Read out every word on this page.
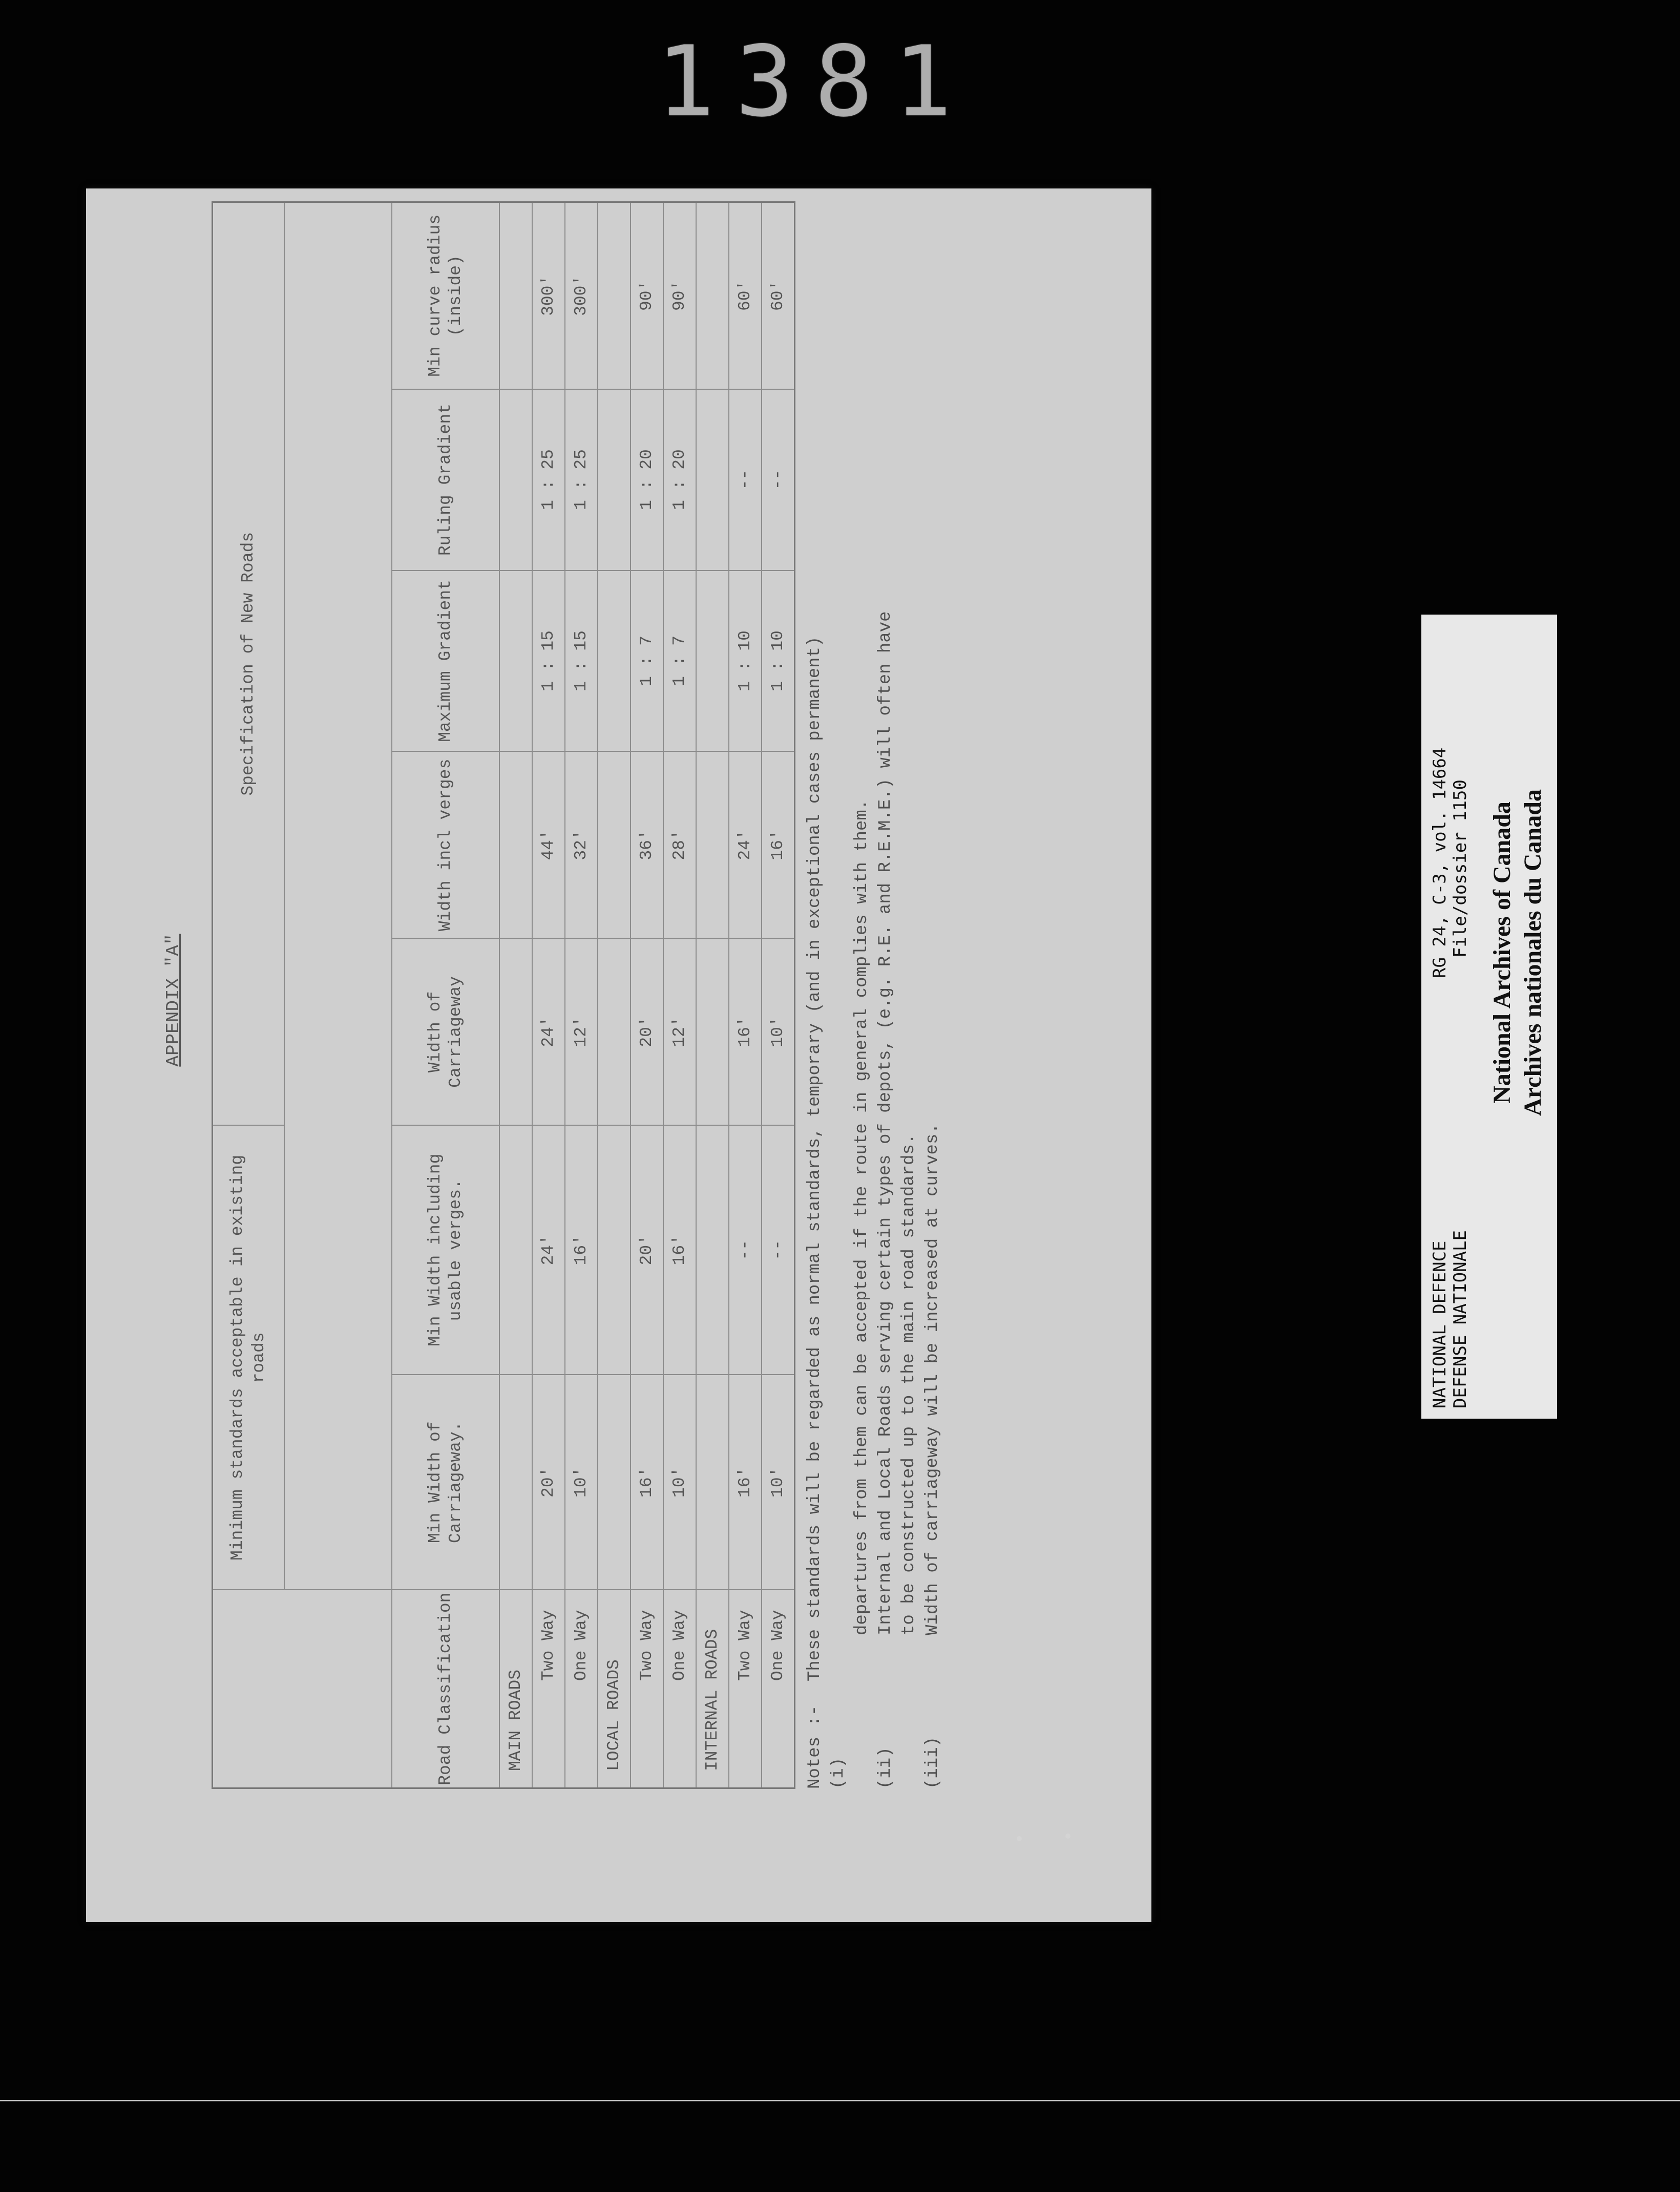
1381
APPENDIX "A"
	Minimum standards acceptable in existing roads		Specification of New Roads				

Road Classification	Min Width of Carriageway.	Min Width including usable verges.	Width of Carriageway	Width incl verges	Maximum Gradient	Ruling Gradient	Min curve radius (inside)
MAIN ROADS							
Two Way	20'	24'	24'	44'	1 : 15	1 : 25	300'
One Way	10'	16'	12'	32'	1 : 15	1 : 25	300'
LOCAL ROADS							
Two Way	16'	20'	20'	36'	1 : 7	1 : 20	90'
One Way	10'	16'	12'	28'	1 : 7	1 : 20	90'
INTERNAL ROADS							
Two Way	16'	--	16'	24'	1 : 10	--	60'
One Way	10'	--	10'	16'	1 : 10	--	60'
Notes :- (i)
These standards will be regarded as normal standards, temporary (and in exceptional cases permanent)	departures from them can be accepted if the route in general complies with them.
(ii)
Internal and Local Roads serving certain types of depots, (e.g. R.E. and R.E.M.E.) will often have to be constructed up to the main road standards.
(iii)
Width of carriageway will be increased at curves.	NATIONAL DEFENCE DEFENSE NATIONALE
RG 24, C-3, vol. 14664 File/dossier 1150 National Archives of Canada Archives nationales du Canada
